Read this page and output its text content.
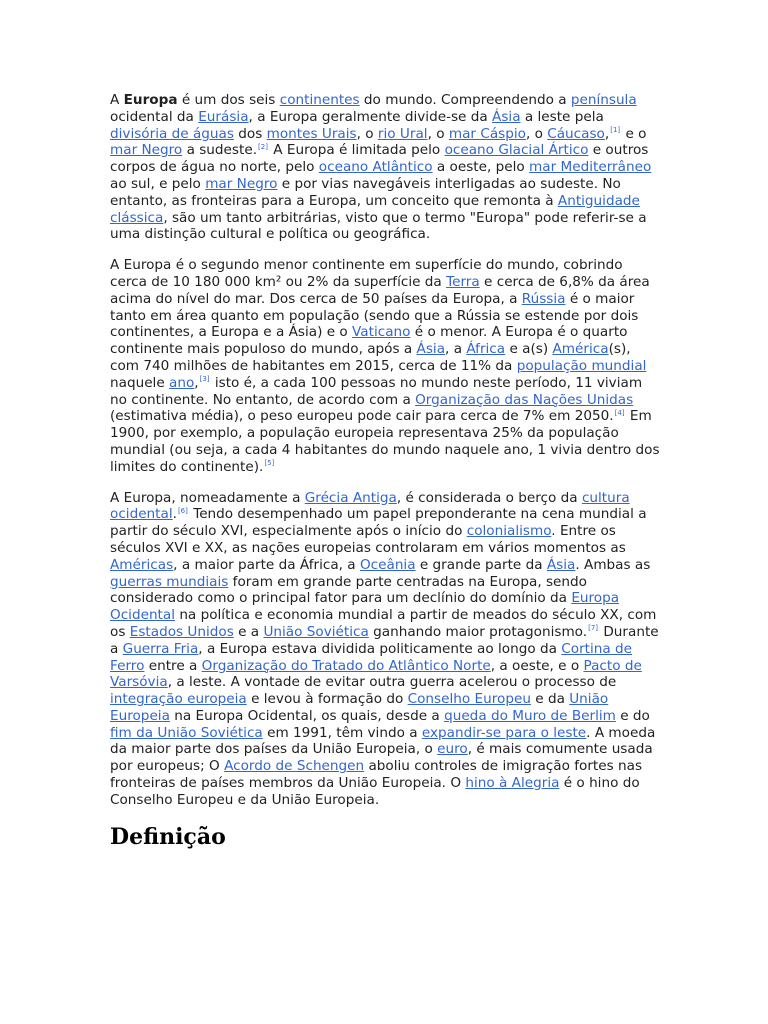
A Europa é um dos seis continentes do mundo. Compreendendo a península ocidental da Eurásia, a Europa geralmente divide-se da Ásia a leste pela divisória de águas dos montes Urais, o rio Ural, o mar Cáspio, o Cáucaso,[1] e o mar Negro a sudeste.[2] A Europa é limitada pelo oceano Glacial Ártico e outros corpos de água no norte, pelo oceano Atlântico a oeste, pelo mar Mediterrâneo ao sul, e pelo mar Negro e por vias navegáveis interligadas ao sudeste. No entanto, as fronteiras para a Europa, um conceito que remonta à Antiguidade clássica, são um tanto arbitrárias, visto que o termo "Europa" pode referir-se a uma distinção cultural e política ou geográfica.

A Europa é o segundo menor continente em superfície do mundo, cobrindo cerca de 10 180 000 km² ou 2% da superfície da Terra e cerca de 6,8% da área acima do nível do mar. Dos cerca de 50 países da Europa, a Rússia é o maior tanto em área quanto em população (sendo que a Rússia se estende por dois continentes, a Europa e a Ásia) e o Vaticano é o menor. A Europa é o quarto continente mais populoso do mundo, após a Ásia, a África e a(s) América(s), com 740 milhões de habitantes em 2015, cerca de 11% da população mundial naquele ano,[3] isto é, a cada 100 pessoas no mundo neste período, 11 viviam no continente. No entanto, de acordo com a Organização das Nações Unidas (estimativa média), o peso europeu pode cair para cerca de 7% em 2050.[4] Em 1900, por exemplo, a população europeia representava 25% da população mundial (ou seja, a cada 4 habitantes do mundo naquele ano, 1 vivia dentro dos limites do continente).[5]

A Europa, nomeadamente a Grécia Antiga, é considerada o berço da cultura ocidental.[6] Tendo desempenhado um papel preponderante na cena mundial a partir do século XVI, especialmente após o início do colonialismo. Entre os séculos XVI e XX, as nações europeias controlaram em vários momentos as Américas, a maior parte da África, a Oceânia e grande parte da Ásia. Ambas as guerras mundiais foram em grande parte centradas na Europa, sendo considerado como o principal fator para um declínio do domínio da Europa Ocidental na política e economia mundial a partir de meados do século XX, com os Estados Unidos e a União Soviética ganhando maior protagonismo.[7] Durante a Guerra Fria, a Europa estava dividida politicamente ao longo da Cortina de Ferro entre a Organização do Tratado do Atlântico Norte, a oeste, e o Pacto de Varsóvia, a leste. A vontade de evitar outra guerra acelerou o processo de integração europeia e levou à formação do Conselho Europeu e da União Europeia na Europa Ocidental, os quais, desde a queda do Muro de Berlim e do fim da União Soviética em 1991, têm vindo a expandir-se para o leste. A moeda da maior parte dos países da União Europeia, o euro, é mais comumente usada por europeus; O Acordo de Schengen aboliu controles de imigração fortes nas fronteiras de países membros da União Europeia. O hino à Alegria é o hino do Conselho Europeu e da União Europeia.

Definição
